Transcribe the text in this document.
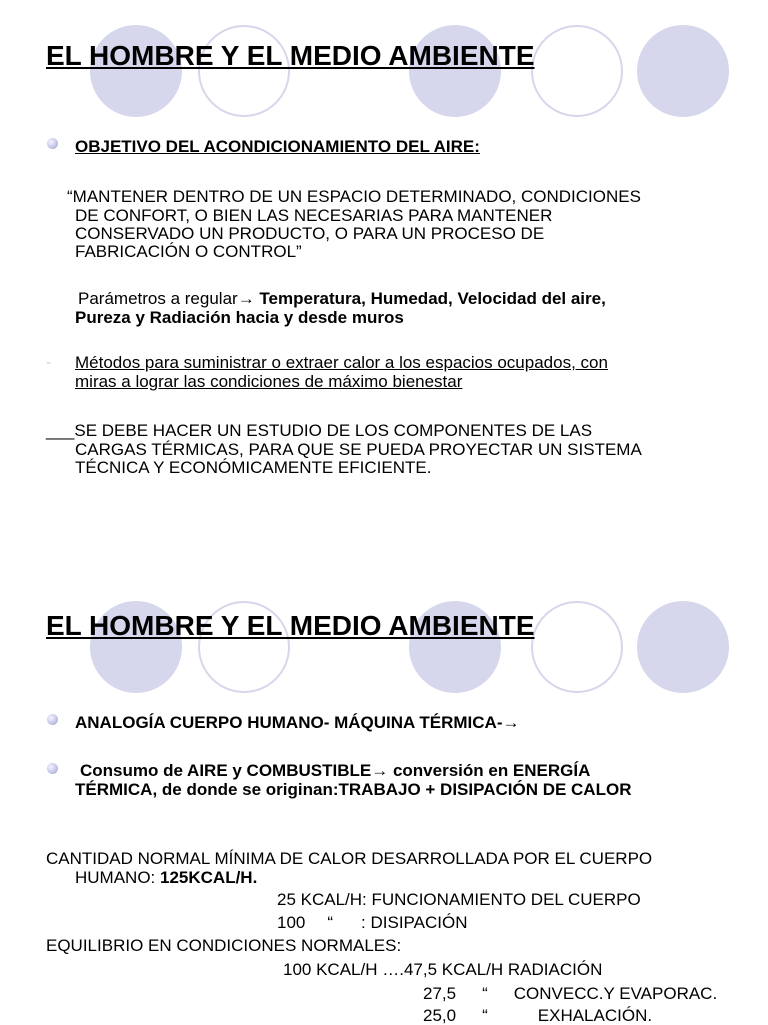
EL HOMBRE Y EL MEDIO AMBIENTE

OBJETIVO DEL ACONDICIONAMIENTO DEL AIRE:

“MANTENER DENTRO DE UN ESPACIO DETERMINADO, CONDICIONES

DE CONFORT, O BIEN LAS NECESARIAS PARA MANTENER

CONSERVADO UN PRODUCTO, O PARA UN PROCESO DE

FABRICACIÓN O CONTROL”

Parámetros a regular→ Temperatura, Humedad, Velocidad del aire,

Pureza y Radiación hacia y desde muros

- Métodos para suministrar o extraer calor a los espacios ocupados, con

miras a lograr las condiciones de máximo bienestar

___SE DEBE HACER UN ESTUDIO DE LOS COMPONENTES DE LAS

CARGAS TÉRMICAS, PARA QUE SE PUEDA PROYECTAR UN SISTEMA

TÉCNICA Y ECONÓMICAMENTE EFICIENTE.

EL HOMBRE Y EL MEDIO AMBIENTE

ANALOGÍA CUERPO HUMANO- MÁQUINA TÉRMICA-→

Consumo de AIRE y COMBUSTIBLE→ conversión en ENERGÍA

TÉRMICA, de donde se originan:TRABAJO + DISIPACIÓN DE CALOR

CANTIDAD NORMAL MÍNIMA DE CALOR DESARROLLADA POR EL CUERPO

HUMANO: 125KCAL/H.

25 KCAL/H: FUNCIONAMIENTO DEL CUERPO

100 “ : DISIPACIÓN

EQUILIBRIO EN CONDICIONES NORMALES:

100 KCAL/H ….47,5 KCAL/H RADIACIÓN

27,5 “ CONVECC.Y EVAPORAC.

25,0 “	EXHALACIÓN.
